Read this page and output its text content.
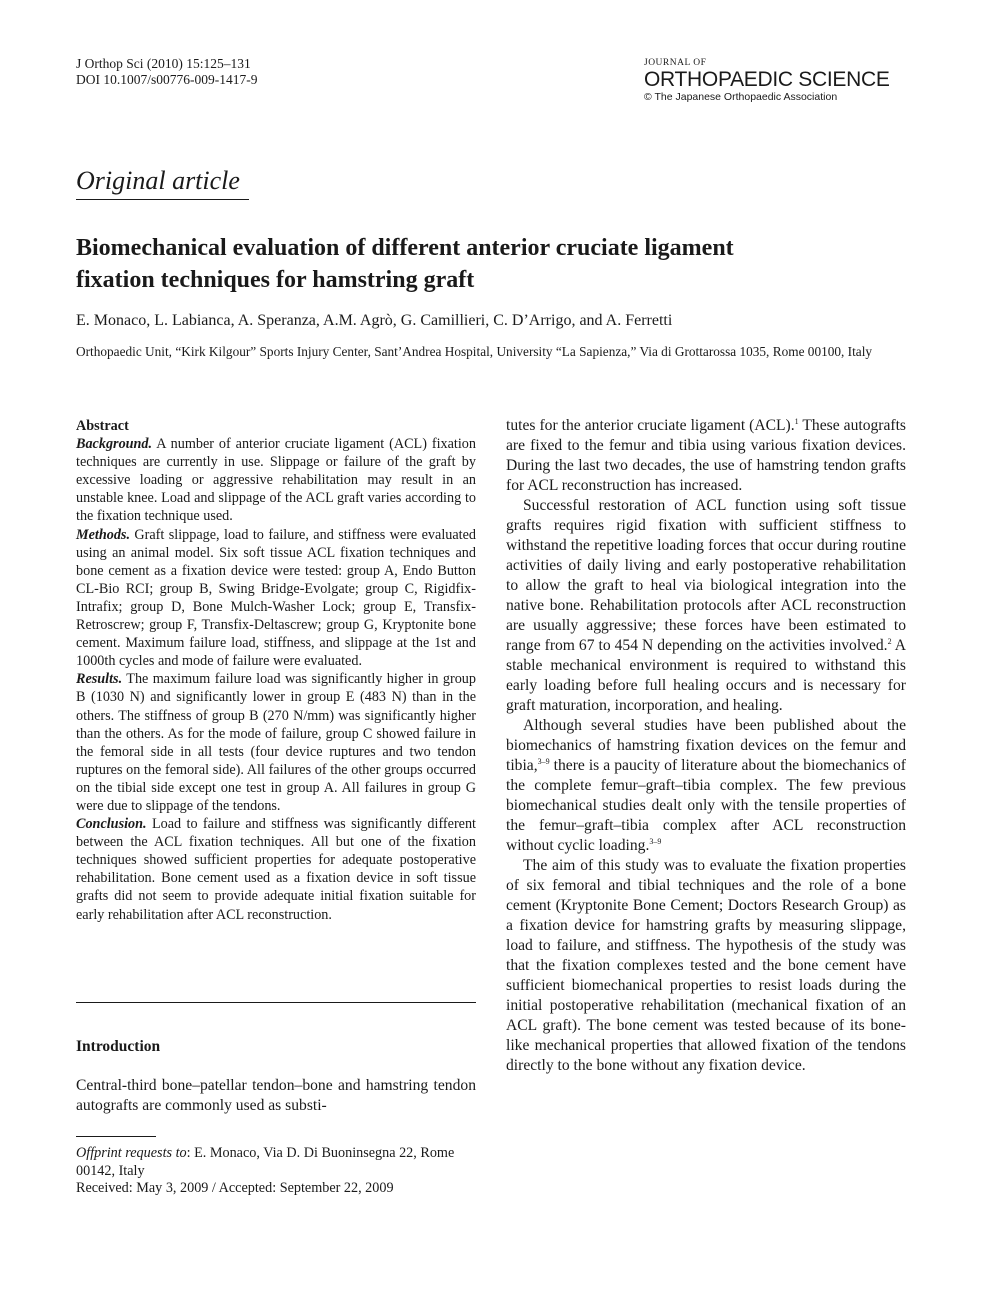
J Orthop Sci (2010) 15:125–131
DOI 10.1007/s00776-009-1417-9
JOURNAL OF
ORTHOPAEDIC SCIENCE
© The Japanese Orthopaedic Association
Original article
Biomechanical evaluation of different anterior cruciate ligament
fixation techniques for hamstring graft
E. Monaco, L. Labianca, A. Speranza, A.M. Agrò, G. Camillieri, C. D’Arrigo, and A. Ferretti
Orthopaedic Unit, “Kirk Kilgour” Sports Injury Center, Sant’Andrea Hospital, University “La Sapienza,” Via di Grottarossa 1035, Rome 00100, Italy
Abstract

Background. A number of anterior cruciate ligament (ACL) fixation techniques are currently in use. Slippage or failure of the graft by excessive loading or aggressive rehabilitation may result in an unstable knee. Load and slippage of the ACL graft varies according to the fixation technique used.

Methods. Graft slippage, load to failure, and stiffness were evaluated using an animal model. Six soft tissue ACL fixation techniques and bone cement as a fixation device were tested: group A, Endo Button CL-Bio RCI; group B, Swing Bridge-Evolgate; group C, Rigidfix-Intrafix; group D, Bone Mulch-Washer Lock; group E, Transfix-Retroscrew; group F, Transfix-Deltascrew; group G, Kryptonite bone cement. Maximum failure load, stiffness, and slippage at the 1st and 1000th cycles and mode of failure were evaluated.

Results. The maximum failure load was significantly higher in group B (1030 N) and significantly lower in group E (483 N) than in the others. The stiffness of group B (270 N/mm) was significantly higher than the others. As for the mode of failure, group C showed failure in the femoral side in all tests (four device ruptures and two tendon ruptures on the femoral side). All failures of the other groups occurred on the tibial side except one test in group A. All failures in group G were due to slippage of the tendons.

Conclusion. Load to failure and stiffness was significantly different between the ACL fixation techniques. All but one of the fixation techniques showed sufficient properties for adequate postoperative rehabilitation. Bone cement used as a fixation device in soft tissue grafts did not seem to provide adequate initial fixation suitable for early rehabilitation after ACL reconstruction.

Introduction
Central-third bone–patellar tendon–bone and hamstring tendon autografts are commonly used as substi-
Offprint requests to: E. Monaco, Via D. Di Buoninsegna 22, Rome 00142, Italy
Received: May 3, 2009 / Accepted: September 22, 2009

tutes for the anterior cruciate ligament (ACL).$^1$ These autografts are fixed to the femur and tibia using various fixation devices. During the last two decades, the use of hamstring tendon grafts for ACL reconstruction has increased.

Successful restoration of ACL function using soft tissue grafts requires rigid fixation with sufficient stiffness to withstand the repetitive loading forces that occur during routine activities of daily living and early postoperative rehabilitation to allow the graft to heal via biological integration into the native bone. Rehabilitation protocols after ACL reconstruction are usually aggressive; these forces have been estimated to range from 67 to 454 N depending on the activities involved.$^2$ A stable mechanical environment is required to withstand this early loading before full healing occurs and is necessary for graft maturation, incorporation, and healing.

Although several studies have been published about the biomechanics of hamstring fixation devices on the femur and tibia,$^{3-9}$ there is a paucity of literature about the biomechanics of the complete femur–graft–tibia complex. The few previous biomechanical studies dealt only with the tensile properties of the femur–graft–tibia complex after ACL reconstruction without cyclic loading.$^{3-9}$

The aim of this study was to evaluate the fixation properties of six femoral and tibial techniques and the role of a bone cement (Kryptonite Bone Cement; Doctors Research Group) as a fixation device for hamstring grafts by measuring slippage, load to failure, and stiffness. The hypothesis of the study was that the fixation complexes tested and the bone cement have sufficient biomechanical properties to resist loads during the initial postoperative rehabilitation (mechanical fixation of an ACL graft). The bone cement was tested because of its bone-like mechanical properties that allowed fixation of the tendons directly to the bone without any fixation device.
